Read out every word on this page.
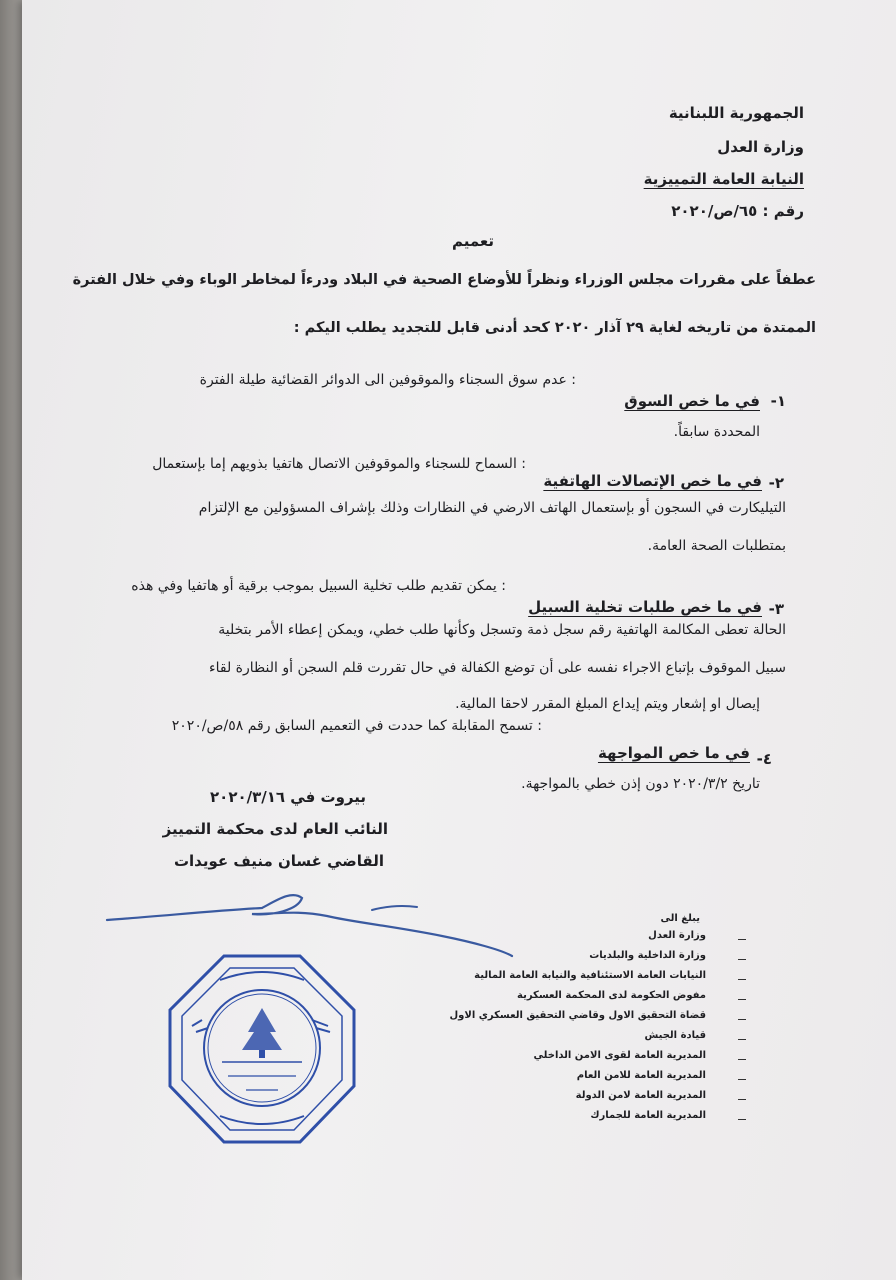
الجمهورية اللبنانية
وزارة العدل
النيابة العامة التمييزية
رقم : ٦٥/ص/٢٠٢٠
تعميم
عطفاً على مقررات مجلس الوزراء ونظراً للأوضاع الصحية في البلاد ودرءاً لمخاطر الوباء وفي خلال الفترة
الممتدة من تاريخه لغاية ٢٩ آذار ٢٠٢٠ كحد أدنى قابل للتجديد يطلب اليكم :
١-
في ما خص السوق
: عدم سوق السجناء والموقوفين الى الدوائر القضائية طيلة الفترة
المحددة سابقاً.
٢-
في ما خص الإتصالات الهاتفية
: السماح للسجناء والموقوفين الاتصال هاتفيا بذويهم إما بإستعمال
التيليكارت في السجون أو بإستعمال الهاتف الارضي في النظارات وذلك بإشراف المسؤولين مع الإلتزام
بمتطلبات الصحة العامة.
٣-
في ما خص طلبات تخلية السبيل
: يمكن تقديم طلب تخلية السبيل بموجب برقية أو هاتفيا وفي هذه
الحالة تعطى المكالمة الهاتفية رقم سجل ذمة وتسجل وكأنها طلب خطي، ويمكن إعطاء الأمر بتخلية
سبيل الموقوف بإتباع الاجراء نفسه على أن توضع الكفالة في حال تقررت قلم السجن أو النظارة لقاء
إيصال او إشعار ويتم إيداع المبلغ المقرر لاحقا المالية.
٤-
في ما خص المواجهة
: تسمح المقابلة كما حددت في التعميم السابق رقم ٥٨/ص/٢٠٢٠
تاريخ ٢٠٢٠/٣/٢ دون إذن خطي بالمواجهة.
بيروت في ٢٠٢٠/٣/١٦
النائب العام لدى محكمة التمييز
القاضي غسان منيف عويدات
يبلغ الى
وزارة العدل
وزارة الداخلية والبلديات
النيابات العامة الاستئنافية والنيابة العامة المالية
مفوض الحكومة لدى المحكمة العسكرية
قضاة التحقيق الاول وقاضي التحقيق العسكري الاول
قيادة الجيش
المديرية العامة لقوى الامن الداخلي
المديرية العامة للامن العام
المديرية العامة لامن الدولة
المديرية العامة للجمارك
